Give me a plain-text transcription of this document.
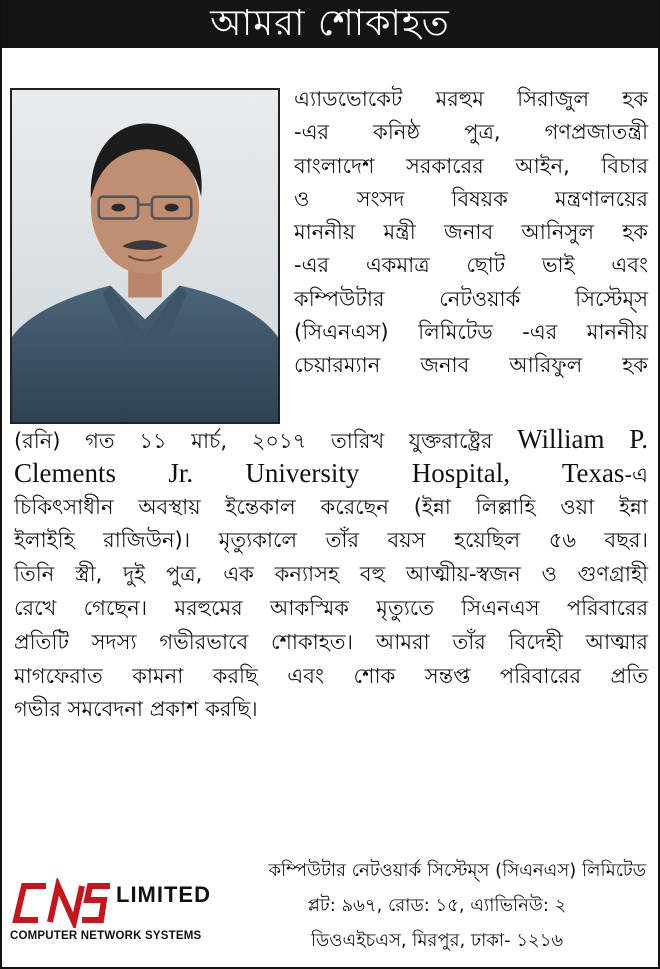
আমরা শোকাহত
এ্যাডভোকেট মরহুম সিরাজুল হক
-এর কনিষ্ঠ পুত্র, গণপ্রজাতন্ত্রী
বাংলাদেশ সরকারের আইন, বিচার
ও সংসদ বিষয়ক মন্ত্রণালয়ের
মাননীয় মন্ত্রী জনাব আনিসুল হক
-এর একমাত্র ছোট ভাই এবং
কম্পিউটার নেটওয়ার্ক সিস্টেম্‌স
(সিএনএস) লিমিটেড -এর মাননীয়
চেয়ারম্যান জনাব আরিফুল হক
(রনি) গত ১১ মার্চ, ২০১৭ তারিখ যুক্তরাষ্ট্রের William P.
Clements Jr. University Hospital, Texas-এ
চিকিৎসাধীন অবস্থায় ইন্তেকাল করেছেন (ইন্না লিল্লাহি ওয়া ইন্না
ইলাইহি রাজিউন)। মৃত্যুকালে তাঁর বয়স হয়েছিল ৫৬ বছর।
তিনি স্ত্রী, দুই পুত্র, এক কন্যাসহ বহু আত্মীয়-স্বজন ও গুণগ্রাহী
রেখে গেছেন। মরহুমের আকস্মিক মৃত্যুতে সিএনএস পরিবারের
প্রতিটি সদস্য গভীরভাবে শোকাহত। আমরা তাঁর বিদেহী আত্মার
মাগফেরাত কামনা করছি এবং শোক সন্তপ্ত পরিবারের প্রতি
গভীর সমবেদনা প্রকাশ করছি।
কম্পিউটার নেটওয়ার্ক সিস্টেম্‌স (সিএনএস) লিমিটেড
প্লট: ৯৬৭, রোড: ১৫, এ্যাভিনিউ: ২
ডিওএইচএস, মিরপুর, ঢাকা- ১২১৬
LIMITED
COMPUTER NETWORK SYSTEMS
